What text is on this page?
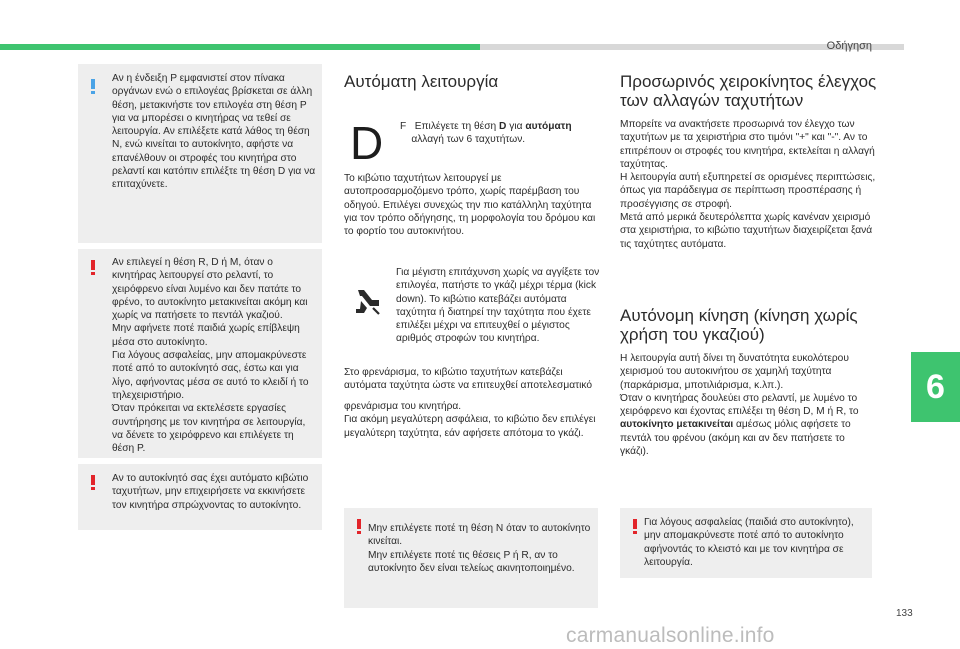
Οδήγηση

Αν η ένδειξη P εμφανιστεί στον πίνακα οργάνων ενώ ο επιλογέας βρίσκεται σε άλλη θέση, μετακινήστε τον επιλογέα στη θέση P για να μπορέσει ο κινητήρας να τεθεί σε λειτουργία. Αν επιλέξετε κατά λάθος τη θέση N, ενώ κινείται το αυτοκίνητο, αφήστε να επανέλθουν οι στροφές του κινητήρα στο ρελαντί και κατόπιν επιλέξτε τη θέση D για να επιταχύνετε.

Αν επιλεγεί η θέση R, D ή M, όταν ο κινητήρας λειτουργεί στο ρελαντί, το χειρόφρενο είναι λυμένο και δεν πατάτε το φρένο, το αυτοκίνητο μετακινείται ακόμη και χωρίς να πατήσετε το πεντάλ γκαζιού.
Μην αφήνετε ποτέ παιδιά χωρίς επίβλεψη μέσα στο αυτοκίνητο.
Για λόγους ασφαλείας, μην απομακρύνεστε ποτέ από το αυτοκίνητό σας, έστω και για λίγο, αφήνοντας μέσα σε αυτό το κλειδί ή το τηλεχειριστήριο.
Όταν πρόκειται να εκτελέσετε εργασίες συντήρησης με τον κινητήρα σε λειτουργία, να δένετε το χειρόφρενο και επιλέγετε τη θέση P.

Αν το αυτοκίνητό σας έχει αυτόματο κιβώτιο ταχυτήτων, μην επιχειρήσετε να εκκινήσετε τον κινητήρα σπρώχνοντας το αυτοκίνητο.

Αυτόματη λειτουργία
D F Επιλέγετε τη θέση D για αυτόματη
αλλαγή των 6 ταχυτήτων.
Το κιβώτιο ταχυτήτων λειτουργεί με αυτοπροσαρμοζόμενο τρόπο, χωρίς παρέμβαση του οδηγού. Επιλέγει συνεχώς την πιο κατάλληλη ταχύτητα για τον τρόπο οδήγησης, τη μορφολογία του δρόμου και το φορτίο του αυτοκινήτου.
Για μέγιστη επιτάχυνση χωρίς να αγγίξετε τον επιλογέα, πατήστε το γκάζι μέχρι τέρμα (kick down). Το κιβώτιο κατεβάζει αυτόματα ταχύτητα ή διατηρεί την ταχύτητα που έχετε επιλέξει μέχρι να επιτευχθεί ο μέγιστος αριθμός στροφών του κινητήρα.
Στο φρενάρισμα, το κιβώτιο ταχυτήτων κατεβάζει αυτόματα ταχύτητα ώστε να επιτευχθεί αποτελεσματικό
φρενάρισμα του κινητήρα.
Για ακόμη μεγαλύτερη ασφάλεια, το κιβώτιο δεν επιλέγει μεγαλύτερη ταχύτητα, εάν αφήσετε απότομα το γκάζι.

Μην επιλέγετε ποτέ τη θέση N όταν το αυτοκίνητο κινείται.
Μην επιλέγετε ποτέ τις θέσεις P ή R, αν το αυτοκίνητο δεν είναι τελείως ακινητοποιημένο.

Προσωρινός χειροκίνητος έλεγχος των αλλαγών ταχυτήτων
Μπορείτε να ανακτήσετε προσωρινά τον έλεγχο των ταχυτήτων με τα χειριστήρια στο τιμόνι "+" και "-". Αν το επιτρέπουν οι στροφές του κινητήρα, εκτελείται η αλλαγή ταχύτητας.
Η λειτουργία αυτή εξυπηρετεί σε ορισμένες περιπτώσεις, όπως για παράδειγμα σε περίπτωση προσπέρασης ή προσέγγισης σε στροφή.
Μετά από μερικά δευτερόλεπτα χωρίς κανέναν χειρισμό στα χειριστήρια, το κιβώτιο ταχυτήτων διαχειρίζεται ξανά τις ταχύτητες αυτόματα.
Αυτόνομη κίνηση (κίνηση χωρίς χρήση του γκαζιού)
Η λειτουργία αυτή δίνει τη δυνατότητα ευκολότερου χειρισμού του αυτοκινήτου σε χαμηλή ταχύτητα (παρκάρισμα, μποτιλιάρισμα, κ.λπ.).
Όταν ο κινητήρας δουλεύει στο ρελαντί, με λυμένο το χειρόφρενο και έχοντας επιλέξει τη θέση D, M ή R, το αυτοκίνητο μετακινείται αμέσως μόλις αφήσετε το πεντάλ του φρένου (ακόμη και αν δεν πατήσετε το γκάζι).

Για λόγους ασφαλείας (παιδιά στο αυτοκίνητο), μην απομακρύνεστε ποτέ από το αυτοκίνητο αφήνοντάς το κλειστό και με τον κινητήρα σε λειτουργία.

6
133
carmanualsonline.info
